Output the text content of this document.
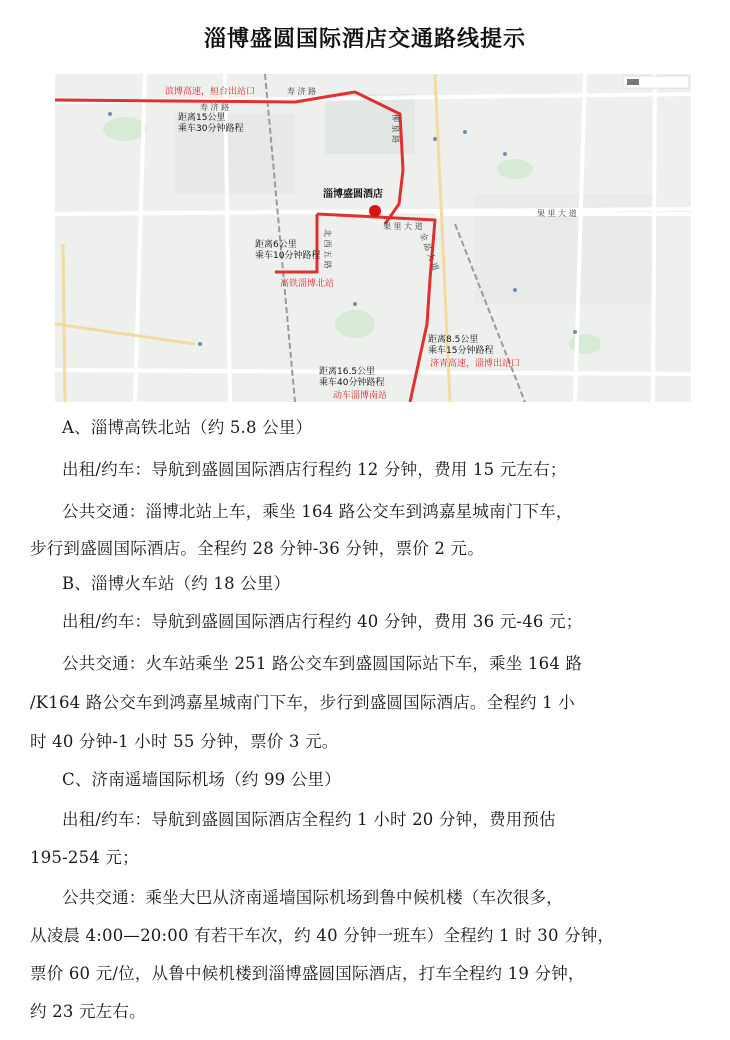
淄博盛圆国际酒店交通路线提示
淄博盛圆酒店
滨博高速，桓台出站口
距离15公里
乘车30分钟路程
距离6公里
乘车10分钟路程
高铁淄博北站
距离8.5公里
乘车15分钟路程
济青高速，淄博出站口
距离16.5公里
乘车40分钟路程
动车淄博南站
寿 济 路
寿 济 路
柳 泉 路
果 里 大 道
果 里 大 道
北 西 五 路	金 晶 大 道
A、淄博高铁北站（约 5.8 公里）
出租/约车：导航到盛圆国际酒店行程约 12 分钟，费用 15 元左右；
公共交通：淄博北站上车，乘坐 164 路公交车到鸿嘉星城南门下车，
步行到盛圆国际酒店。全程约 28 分钟-36 分钟，票价 2 元。
B、淄博火车站（约 18 公里）
出租/约车：导航到盛圆国际酒店行程约 40 分钟，费用 36 元-46 元；
公共交通：火车站乘坐 251 路公交车到盛圆国际站下车，乘坐 164 路
/K164 路公交车到鸿嘉星城南门下车，步行到盛圆国际酒店。全程约 1 小
时 40 分钟-1 小时 55 分钟，票价 3 元。
C、济南遥墙国际机场（约 99 公里）
出租/约车：导航到盛圆国际酒店全程约 1 小时 20 分钟，费用预估
195-254 元；
公共交通：乘坐大巴从济南遥墙国际机场到鲁中候机楼（车次很多，
从凌晨 4:00—20:00 有若干车次，约 40 分钟一班车）全程约 1 时 30 分钟，
票价 60 元/位，从鲁中候机楼到淄博盛圆国际酒店，打车全程约 19 分钟，
约 23 元左右。
